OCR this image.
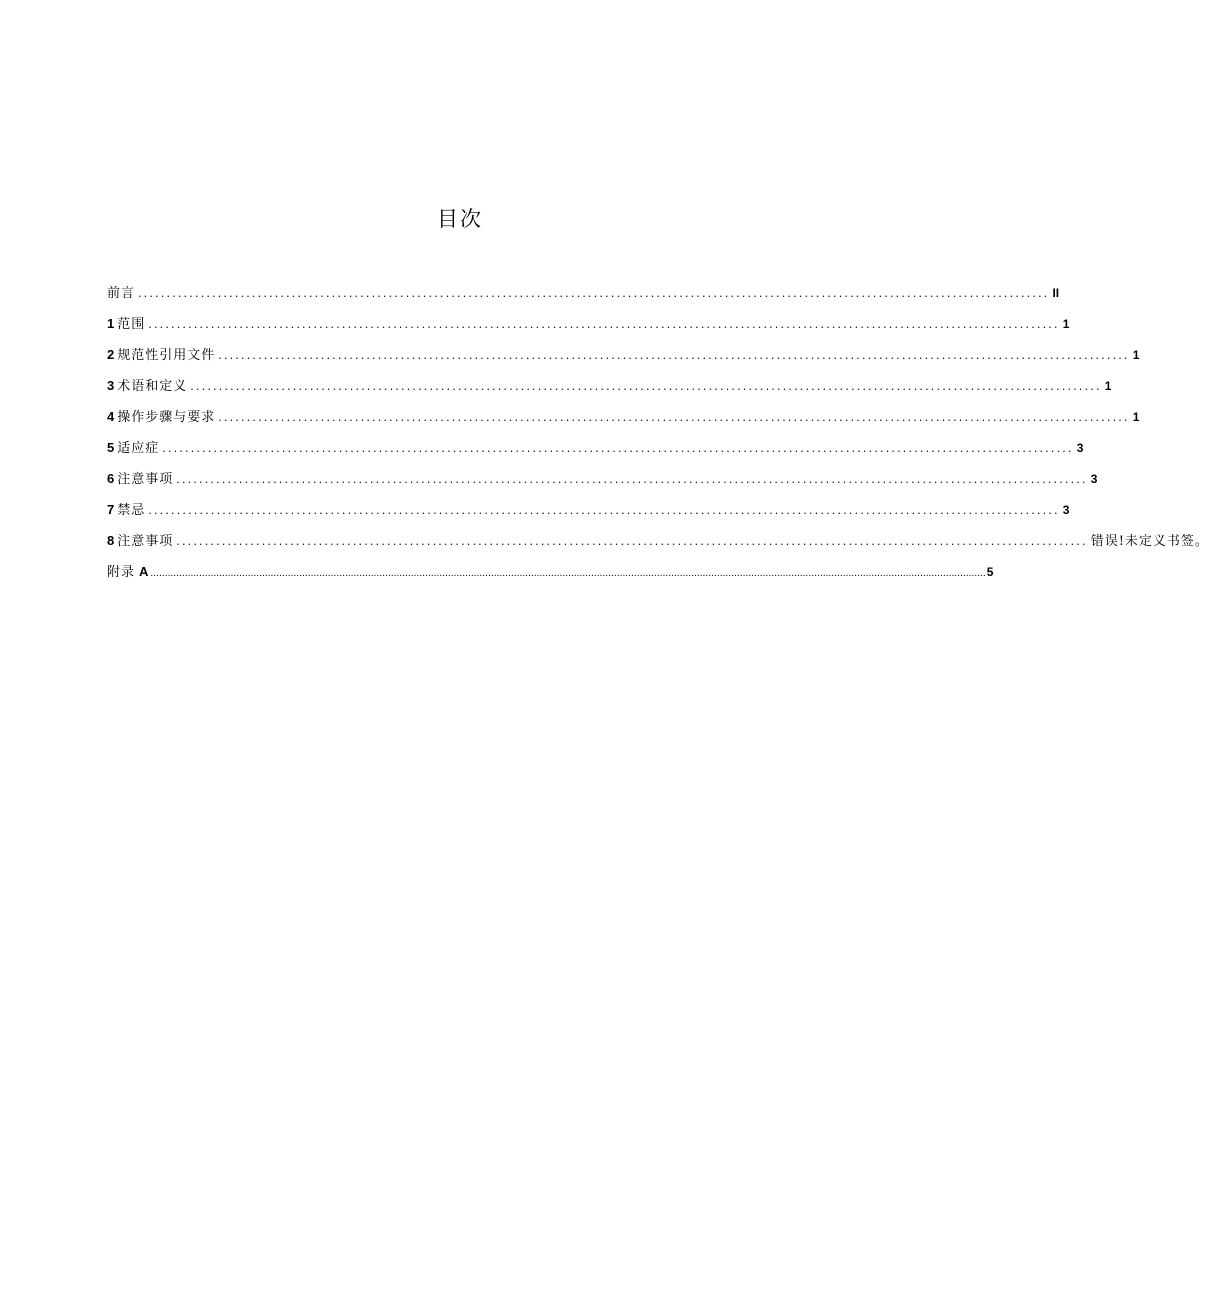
目次
前言 ................................................................................................................................................................ II
1 范围 ................................................................................................................................................................ 1
2 规范性引用文件 ................................................................................................................................................................ 1
3 术语和定义 ................................................................................................................................................................ 1
4 操作步骤与要求 ................................................................................................................................................................ 1
5 适应症 ................................................................................................................................................................ 3
6 注意事项 ................................................................................................................................................................ 3
7 禁忌 ................................................................................................................................................................ 3
8 注意事项 ................................................................................................................................................................ 错误!未定义书签。
附录 A .................................................................................................................................................................................................................................................................................................... 5
